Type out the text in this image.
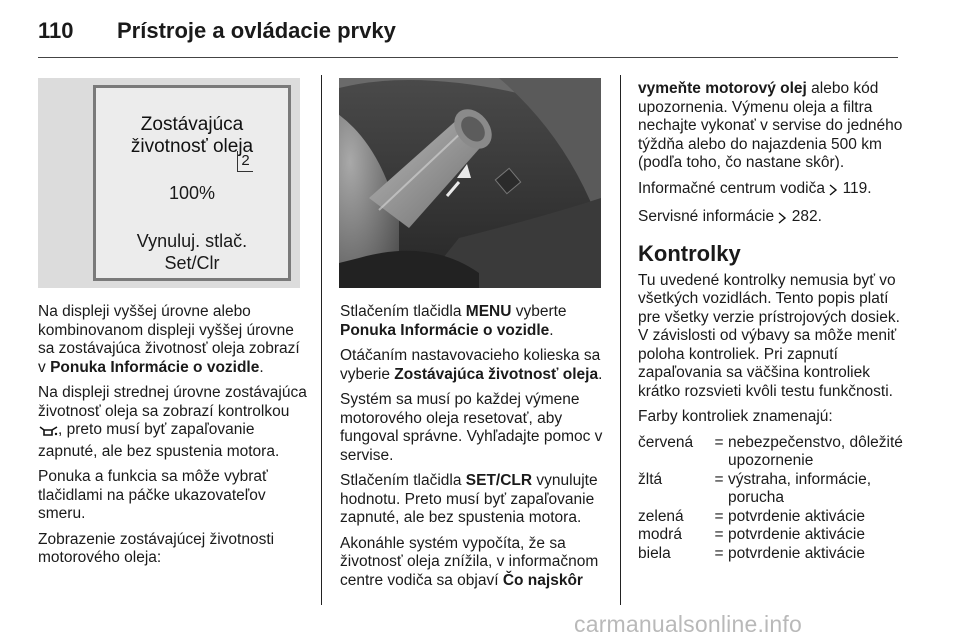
110 Prístroje a ovládacie prvky
Zostávajúca
životnosť oleja
2
100%
Vynuluj. stlač.
Set/Clr

Na displeji vyššej úrovne alebo kombinovanom displeji vyššej úrovne sa zostávajúca životnosť oleja zobrazí v Ponuka Informácie o vozidle.

Na displeji strednej úrovne zostávajúca životnosť oleja sa zobrazí kontrolkou , preto musí byť zapaľovanie zapnuté, ale bez spustenia motora.

Ponuka a funkcia sa môže vybrať tlačidlami na páčke ukazovateľov smeru.

Zobrazenie zostávajúcej životnosti motorového oleja:

Stlačením tlačidla MENU vyberte Ponuka Informácie o vozidle.

Otáčaním nastavovacieho kolieska sa vyberie Zostávajúca životnosť oleja.

Systém sa musí po každej výmene motorového oleja resetovať, aby fungoval správne. Vyhľadajte pomoc v servise.

Stlačením tlačidla SET/CLR vynulujte hodnotu. Preto musí byť zapaľovanie zapnuté, ale bez spustenia motora.

Akonáhle systém vypočíta, že sa životnosť oleja znížila, v informačnom centre vodiča sa objaví Čo najskôr

vymeňte motorový olej alebo kód upozornenia. Výmenu oleja a filtra nechajte vykonať v servise do jedného týždňa alebo do najazdenia 500 km (podľa toho, čo nastane skôr).

Informačné centrum vodiča  119.

Servisné informácie  282.

Kontrolky

Tu uvedené kontrolky nemusia byť vo všetkých vozidlách. Tento popis platí pre všetky verzie prístrojových dosiek. V závislosti od výbavy sa môže meniť poloha kontroliek. Pri zapnutí zapaľovania sa väčšina kontroliek krátko rozsvieti kvôli testu funkčnosti.

Farby kontroliek znamenajú:

červená	= nebezpečenstvo, dôležité upozornenie
žltá	= výstraha, informácie, porucha
zelená	= potvrdenie aktivácie
modrá	= potvrdenie aktivácie
biela	= potvrdenie aktivácie
carmanualsonline.info
